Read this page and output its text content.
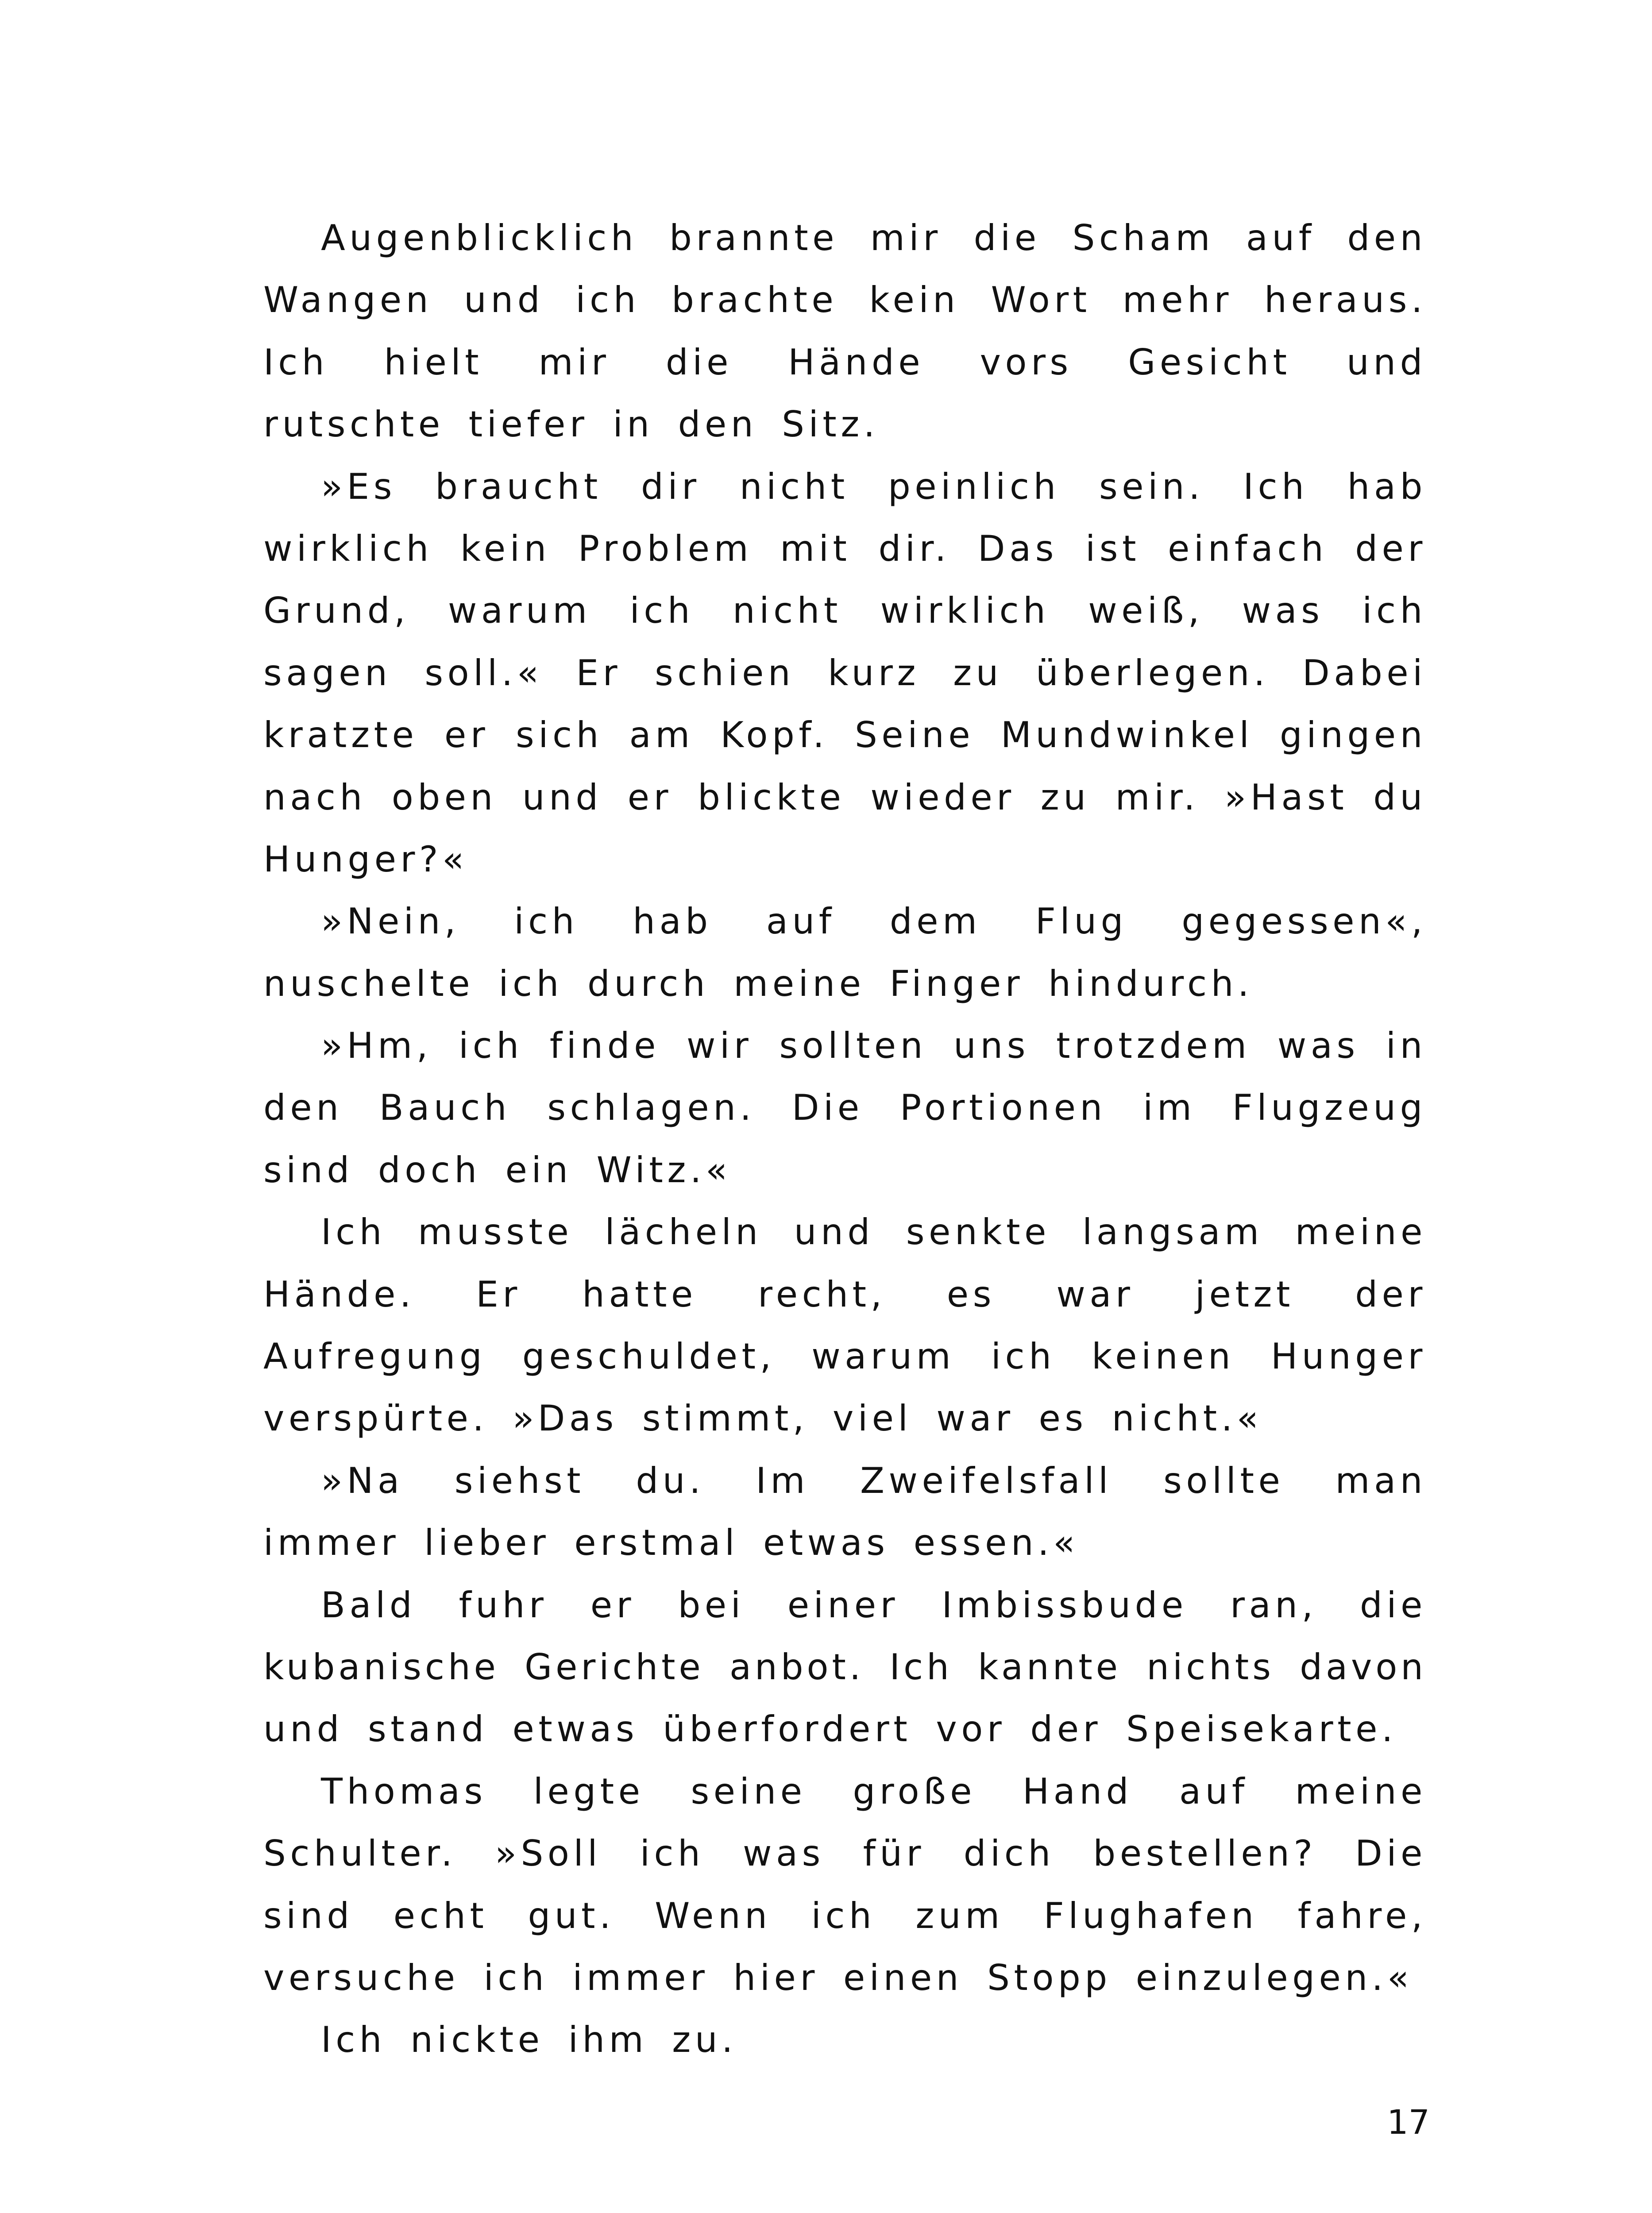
Augenblicklich brannte mir die Scham auf den
Wangen und ich brachte kein Wort mehr heraus.
Ich hielt mir die Hände vors Gesicht und
rutschte tiefer in den Sitz.
»Es braucht dir nicht peinlich sein. Ich hab
wirklich kein Problem mit dir. Das ist einfach der
Grund, warum ich nicht wirklich weiß, was ich
sagen soll.« Er schien kurz zu überlegen. Dabei
kratzte er sich am Kopf. Seine Mundwinkel gingen
nach oben und er blickte wieder zu mir. »Hast du
Hunger?«
»Nein, ich hab auf dem Flug gegessen«,
nuschelte ich durch meine Finger hindurch.
»Hm, ich finde wir sollten uns trotzdem was in
den Bauch schlagen. Die Portionen im Flugzeug
sind doch ein Witz.«
Ich musste lächeln und senkte langsam meine
Hände. Er hatte recht, es war jetzt der
Aufregung geschuldet, warum ich keinen Hunger
verspürte. »Das stimmt, viel war es nicht.«
»Na siehst du. Im Zweifelsfall sollte man
immer lieber erstmal etwas essen.«
Bald fuhr er bei einer Imbissbude ran, die
kubanische Gerichte anbot. Ich kannte nichts davon
und stand etwas überfordert vor der Speisekarte.
Thomas legte seine große Hand auf meine
Schulter. »Soll ich was für dich bestellen? Die
sind echt gut. Wenn ich zum Flughafen fahre,
versuche ich immer hier einen Stopp einzulegen.«
Ich nickte ihm zu.
17
